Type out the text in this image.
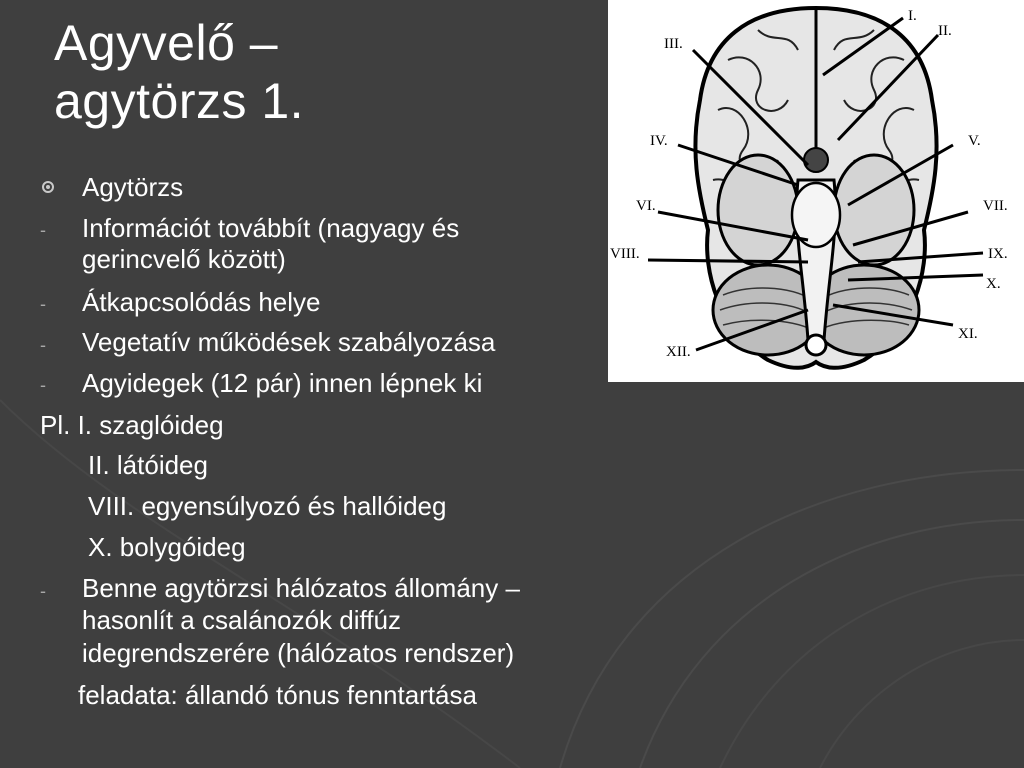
Agyvelő –
agytörzs 1.
Agytörzs
- Információt továbbít (nagyagy és
gerincvelő között)
- Átkapcsolódás helye
- Vegetatív működések szabályozása
- Agyidegek (12 pár) innen lépnek ki
Pl. I. szaglóideg
II. látóideg
VIII. egyensúlyozó és hallóideg
X. bolygóideg
- Benne agytörzsi hálózatos állomány –
hasonlít a csalánozók diffúz
idegrendszerére (hálózatos rendszer)
feladata: állandó tónus fenntartása
I.
II.
III.
IV.	V.
VI.	VII.
VIII.	IX.
X.
XI.
XII.
